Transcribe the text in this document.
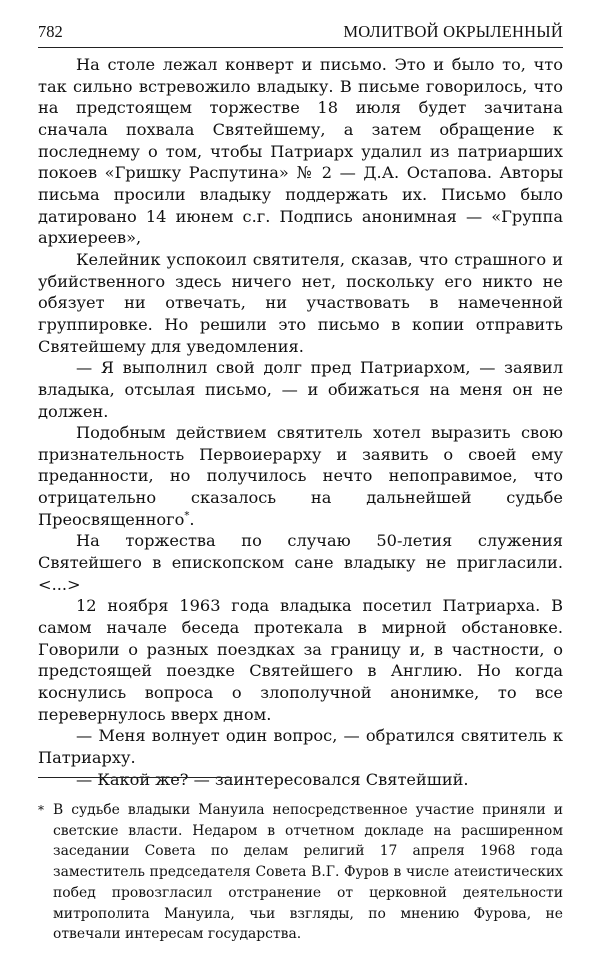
782	МОЛИТВОЙ ОКРЫЛЕННЫЙ

На столе лежал конверт и письмо. Это и было то, что так сильно встревожило владыку. В письме говорилось, что на предстоящем торжестве 18 июля будет зачитана сначала похвала Святейшему, а затем обращение к последнему о том, чтобы Патриарх удалил из патриарших покоев «Гришку Распутина» № 2 — Д.А. Остапова. Авторы письма просили владыку поддержать их. Письмо было датировано 14 июнем с.г. Подпись анонимная — «Группа архиереев»,

Келейник успокоил святителя, сказав, что страшного и убийственного здесь ничего нет, поскольку его никто не обязует ни отвечать, ни участвовать в намеченной группировке. Но решили это письмо в копии отправить Святейшему для уведомления.

— Я выполнил свой долг пред Патриархом, — заявил владыка, отсылая письмо, — и обижаться на меня он не должен.

Подобным действием святитель хотел выразить свою признательность Первоиерарху и заявить о своей ему преданности, но получилось нечто непоправимое, что отрицательно сказалось на дальнейшей судьбе Преосвященного*.

На торжества по случаю 50-летия служения Святейшего в епископском сане владыку не пригласили. <...>

12 ноября 1963 года владыка посетил Патриарха. В самом начале беседа протекала в мирной обстановке. Говорили о разных поездках за границу и, в частности, о предстоящей поездке Святейшего в Англию. Но когда коснулись вопроса о злополучной анонимке, то все перевернулось вверх дном.

— Меня волнует один вопрос, — обратился святитель к Патриарху.

— Какой же? — заинтересовался Святейший.

* В судьбе владыки Мануила непосредственное участие приняли и светские власти. Недаром в отчетном докладе на расширенном заседании Совета по делам религий 17 апреля 1968 года заместитель председателя Совета В.Г. Фуров в числе атеистических побед провозгласил отстранение от церковной деятельности митрополита Мануила, чьи взгляды, по мнению Фурова, не отвечали интересам государства.
